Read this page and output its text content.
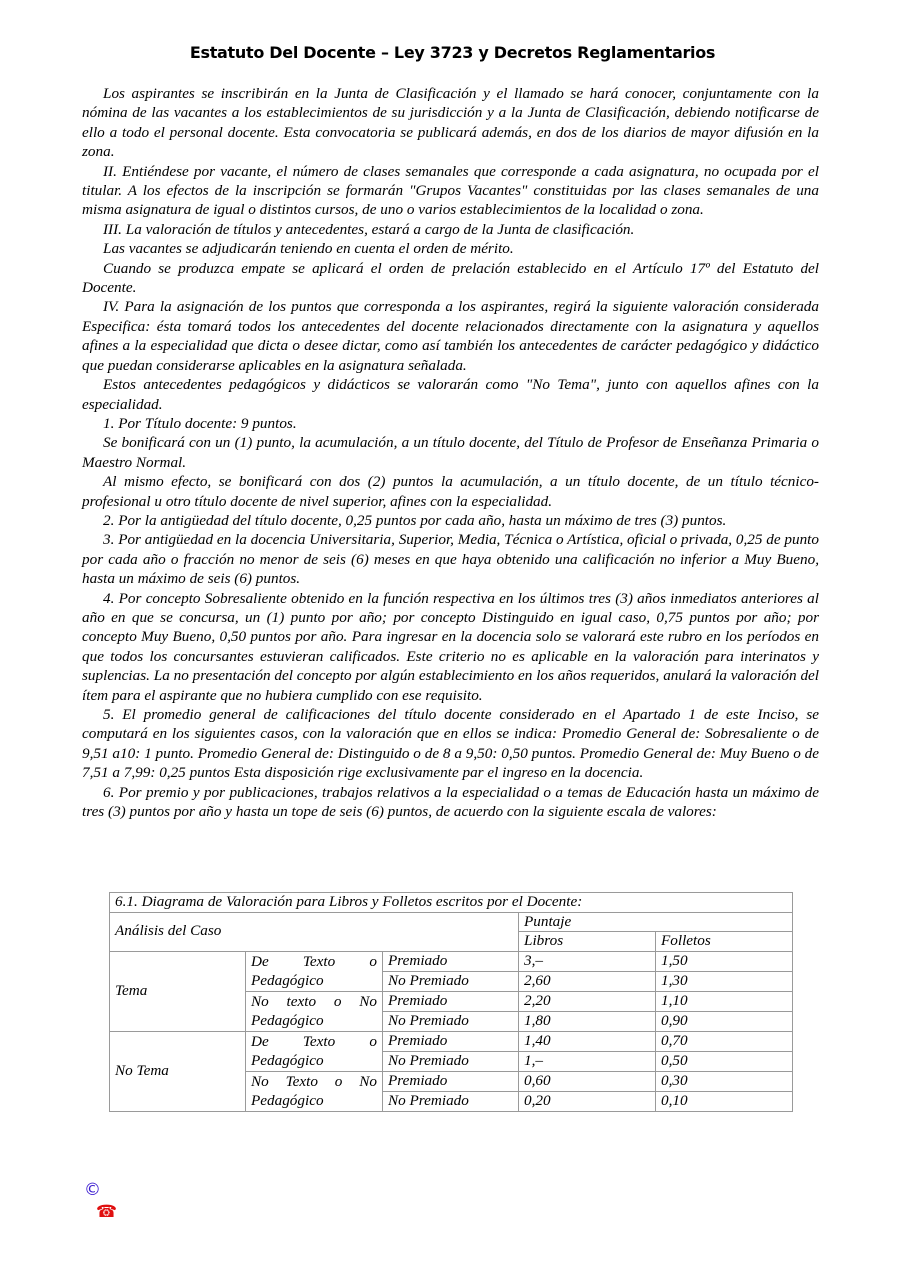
Estatuto Del Docente – Ley 3723 y Decretos Reglamentarios

Los aspirantes se inscribirán en la Junta de Clasificación y el llamado se hará conocer, conjuntamente con la nómina de las vacantes a los establecimientos de su jurisdicción y a la Junta de Clasificación, debiendo notificarse de ello a todo el personal docente. Esta convocatoria se publicará además, en dos de los diarios de mayor difusión en la zona.

II. Entiéndese por vacante, el número de clases semanales que corresponde a cada asignatura, no ocupada por el titular. A los efectos de la inscripción se formarán "Grupos Vacantes" constituidas por las clases semanales de una misma asignatura de igual o distintos cursos, de uno o varios establecimientos de la localidad o zona.

III. La valoración de títulos y antecedentes, estará a cargo de la Junta de clasificación.

Las vacantes se adjudicarán teniendo en cuenta el orden de mérito.

Cuando se produzca empate se aplicará el orden de prelación establecido en el Artículo 17º del Estatuto del Docente.

IV. Para la asignación de los puntos que corresponda a los aspirantes, regirá la siguiente valoración considerada Especifica: ésta tomará todos los antecedentes del docente relacionados directamente con la asignatura y aquellos afines a la especialidad que dicta o desee dictar, como así también los antecedentes de carácter pedagógico y didáctico que puedan considerarse aplicables en la asignatura señalada.

Estos antecedentes pedagógicos y didácticos se valorarán como "No Tema", junto con aquellos afines con la especialidad.

1. Por Título docente: 9 puntos.

Se bonificará con un (1) punto, la acumulación, a un título docente, del Título de Profesor de Enseñanza Primaria o Maestro Normal.

Al mismo efecto, se bonificará con dos (2) puntos la acumulación, a un título docente, de un título técnico-profesional u otro título docente de nivel superior, afines con la especialidad.

2. Por la antigüedad del título docente, 0,25 puntos por cada año, hasta un máximo de tres (3) puntos.

3. Por antigüedad en la docencia Universitaria, Superior, Media, Técnica o Artística, oficial o privada, 0,25 de punto por cada año o fracción no menor de seis (6) meses en que haya obtenido una calificación no inferior a Muy Bueno, hasta un máximo de seis (6) puntos.

4. Por concepto Sobresaliente obtenido en la función respectiva en los últimos tres (3) años inmediatos anteriores al año en que se concursa, un (1) punto por año; por concepto Distinguido en igual caso, 0,75 puntos por año; por concepto Muy Bueno, 0,50 puntos por año. Para ingresar en la docencia solo se valorará este rubro en los períodos en que todos los concursantes estuvieran calificados. Este criterio no es aplicable en la valoración para interinatos y suplencias. La no presentación del concepto por algún establecimiento en los años requeridos, anulará la valoración del ítem para el aspirante que no hubiera cumplido con ese requisito.

5. El promedio general de calificaciones del título docente considerado en el Apartado 1 de este Inciso, se computará en los siguientes casos, con la valoración que en ellos se indica: Promedio General de: Sobresaliente o de 9,51 a10: 1 punto. Promedio General de: Distinguido o de 8 a 9,50: 0,50 puntos. Promedio General de: Muy Bueno o de 7,51 a 7,99: 0,25 puntos Esta disposición rige exclusivamente par el ingreso en la docencia.

6. Por premio y por publicaciones, trabajos relativos a la especialidad o a temas de Educación hasta un máximo de tres (3) puntos por año y hasta un tope de seis (6) puntos, de acuerdo con la siguiente escala de valores:

6.1. Diagrama de Valoración para Libros y Folletos escritos por el Docente:				
Análisis del Caso			Puntaje	
			Libros	Folletos
Tema	De Texto o Pedagógico	Premiado	3,–	1,50
		No Premiado	2,60	1,30
	No texto o No Pedagógico	Premiado	2,20	1,10
		No Premiado	1,80	0,90
No Tema	De Texto o Pedagógico	Premiado	1,40	0,70
		No Premiado	1,–	0,50
	No Texto o No Pedagógico	Premiado	0,60	0,30
		No Premiado	0,20	0,10
©
☎
